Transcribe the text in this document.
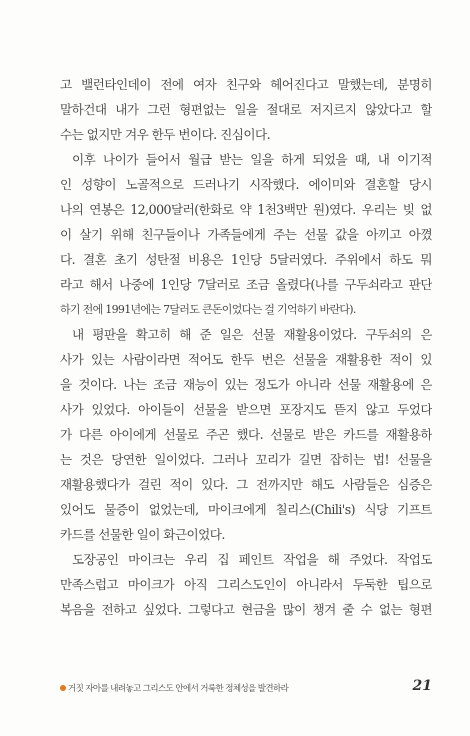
고 밸런타인데이 전에 여자 친구와 헤어진다고 말했는데, 분명히
말하건대 내가 그런 형편없는 일을 절대로 저지르지 않았다고 할
수는 없지만 겨우 한두 번이다. 진심이다.

이후 나이가 들어서 월급 받는 일을 하게 되었을 때, 내 이기적
인 성향이 노골적으로 드러나기 시작했다. 에이미와 결혼할 당시
나의 연봉은 12,000달러(한화로 약 1천3백만 원)였다. 우리는 빚 없
이 살기 위해 친구들이나 가족들에게 주는 선물 값을 아끼고 아꼈
다. 결혼 초기 성탄절 비용은 1인당 5달러였다. 주위에서 하도 뭐
라고 해서 나중에 1인당 7달러로 조금 올렸다(나를 구두쇠라고 판단
하기 전에 1991년에는 7달러도 큰돈이었다는 걸 기억하기 바란다).

내 평판을 확고히 해 준 일은 선물 재활용이었다. 구두쇠의 은
사가 있는 사람이라면 적어도 한두 번은 선물을 재활용한 적이 있
을 것이다. 나는 조금 재능이 있는 정도가 아니라 선물 재활용에 은
사가 있었다. 아이들이 선물을 받으면 포장지도 뜯지 않고 두었다
가 다른 아이에게 선물로 주곤 했다. 선물로 받은 카드를 재활용하
는 것은 당연한 일이었다. 그러나 꼬리가 길면 잡히는 법! 선물을
재활용했다가 걸린 적이 있다. 그 전까지만 해도 사람들은 심증은
있어도 물증이 없었는데, 마이크에게 칠리스(Chili's) 식당 기프트
카드를 선물한 일이 화근이었다.

도장공인 마이크는 우리 집 페인트 작업을 해 주었다. 작업도
만족스럽고 마이크가 아직 그리스도인이 아니라서 두둑한 팁으로
복음을 전하고 싶었다. 그렇다고 현금을 많이 챙겨 줄 수 없는 형편

거짓 자아를 내려놓고 그리스도 안에서 거룩한 정체성을 발견하라	21
